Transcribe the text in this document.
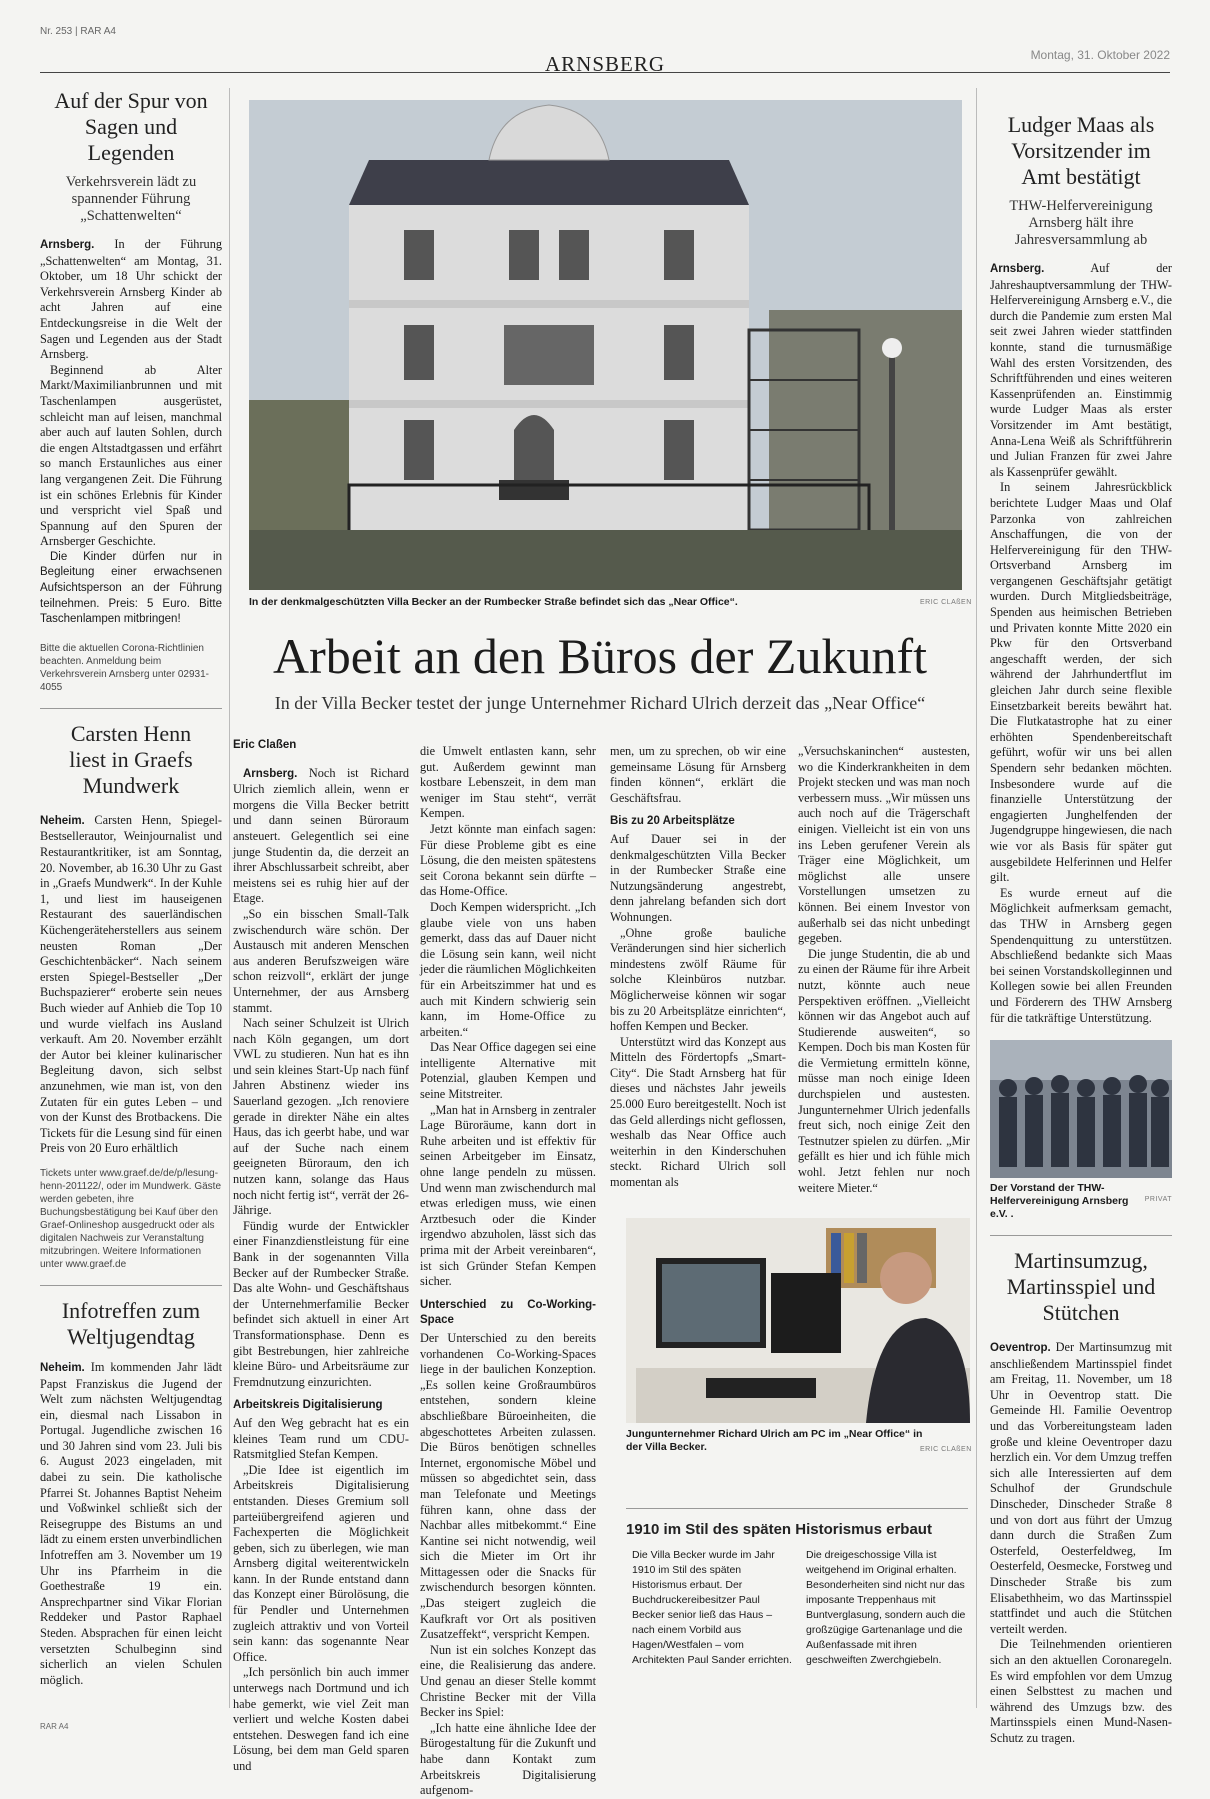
Nr. 253 | RAR A4
ARNSBERG	Montag, 31. Oktober 2022
Auf der Spur von Sagen und Legenden
Verkehrsverein lädt zu spannender Führung „Schattenwelten“

Arnsberg. In der Führung „Schattenwelten“ am Montag, 31. Oktober, um 18 Uhr schickt der Verkehrsverein Arnsberg Kinder ab acht Jahren auf eine Entdeckungsreise in die Welt der Sagen und Legenden aus der Stadt Arnsberg.

Beginnend ab Alter Markt/Maximilianbrunnen und mit Taschenlampen ausgerüstet, schleicht man auf leisen, manchmal aber auch auf lauten Sohlen, durch die engen Altstadtgassen und erfährt so manch Erstaunliches aus einer lang vergangenen Zeit. Die Führung ist ein schönes Erlebnis für Kinder und verspricht viel Spaß und Spannung auf den Spuren der Arnsberger Geschichte.

Die Kinder dürfen nur in Begleitung einer erwachsenen Aufsichtsperson an der Führung teilnehmen. Preis: 5 Euro. Bitte Taschenlampen mitbringen!

Bitte die aktuellen Corona-Richtlinien beachten. Anmeldung beim Verkehrsverein Arnsberg unter 02931-4055
Carsten Henn liest in Graefs Mundwerk

Neheim. Carsten Henn, Spiegel-Bestsellerautor, Weinjournalist und Restaurantkritiker, ist am Sonntag, 20. November, ab 16.30 Uhr zu Gast in „Graefs Mundwerk“. In der Kuhle 1, und liest im hauseigenen Restaurant des sauerländischen Küchengeräteherstellers aus seinem neusten Roman „Der Geschichtenbäcker“. Nach seinem ersten Spiegel-Bestseller „Der Buchspazierer“ eroberte sein neues Buch wieder auf Anhieb die Top 10 und wurde vielfach ins Ausland verkauft. Am 20. November erzählt der Autor bei kleiner kulinarischer Begleitung davon, sich selbst anzunehmen, wie man ist, von den Zutaten für ein gutes Leben – und von der Kunst des Brotbackens. Die Tickets für die Lesung sind für einen Preis von 20 Euro erhältlich

Tickets unter www.graef.de/de/p/lesung-henn-201122/, oder im Mundwerk. Gäste werden gebeten, ihre Buchungsbestätigung bei Kauf über den Graef-Onlineshop ausgedruckt oder als digitalen Nachweis zur Veranstaltung mitzubringen. Weitere Informationen unter www.graef.de
Infotreffen zum Weltjugendtag

Neheim. Im kommenden Jahr lädt Papst Franziskus die Jugend der Welt zum nächsten Weltjugendtag ein, diesmal nach Lissabon in Portugal. Jugendliche zwischen 16 und 30 Jahren sind vom 23. Juli bis 6. August 2023 eingeladen, mit dabei zu sein. Die katholische Pfarrei St. Johannes Baptist Neheim und Voßwinkel schließt sich der Reisegruppe des Bistums an und lädt zu einem ersten unverbindlichen Infotreffen am 3. November um 19 Uhr ins Pfarrheim in die Goethestraße 19 ein. Ansprechpartner sind Vikar Florian Reddeker und Pastor Raphael Steden. Absprachen für einen leicht versetzten Schulbeginn sind sicherlich an vielen Schulen möglich.

In der denkmalgeschützten Villa Becker an der Rumbecker Straße befindet sich das „Near Office“.	ERIC CLAßEN
Arbeit an den Büros der Zukunft
In der Villa Becker testet der junge Unternehmer Richard Ulrich derzeit das „Near Office“
Eric Claßen

Arnsberg. Noch ist Richard Ulrich ziemlich allein, wenn er morgens die Villa Becker betritt und dann seinen Büroraum ansteuert. Gelegentlich sei eine junge Studentin da, die derzeit an ihrer Abschlussarbeit schreibt, aber meistens sei es ruhig hier auf der Etage.

„So ein bisschen Small-Talk zwischendurch wäre schön. Der Austausch mit anderen Menschen aus anderen Berufszweigen wäre schon reizvoll“, erklärt der junge Unternehmer, der aus Arnsberg stammt.

Nach seiner Schulzeit ist Ulrich nach Köln gegangen, um dort VWL zu studieren. Nun hat es ihn und sein kleines Start-Up nach fünf Jahren Abstinenz wieder ins Sauerland gezogen. „Ich renoviere gerade in direkter Nähe ein altes Haus, das ich geerbt habe, und war auf der Suche nach einem geeigneten Büroraum, den ich nutzen kann, solange das Haus noch nicht fertig ist“, verrät der 26-Jährige.

Fündig wurde der Entwickler einer Finanzdienstleistung für eine Bank in der sogenannten Villa Becker auf der Rumbecker Straße. Das alte Wohn- und Geschäftshaus der Unternehmerfamilie Becker befindet sich aktuell in einer Art Transformationsphase. Denn es gibt Bestrebungen, hier zahlreiche kleine Büro- und Arbeitsräume zur Fremdnutzung einzurichten.

Arbeitskreis Digitalisierung

Auf den Weg gebracht hat es ein kleines Team rund um CDU-Ratsmitglied Stefan Kempen.

„Die Idee ist eigentlich im Arbeitskreis Digitalisierung entstanden. Dieses Gremium soll parteiübergreifend agieren und Fachexperten die Möglichkeit geben, sich zu überlegen, wie man Arnsberg digital weiterentwickeln kann. In der Runde entstand dann das Konzept einer Bürolösung, die für Pendler und Unternehmen zugleich attraktiv und von Vorteil sein kann: das sogenannte Near Office.

„Ich persönlich bin auch immer unterwegs nach Dortmund und ich habe gemerkt, wie viel Zeit man verliert und welche Kosten dabei entstehen. Deswegen fand ich eine Lösung, bei dem man Geld sparen und

die Umwelt entlasten kann, sehr gut. Außerdem gewinnt man kostbare Lebenszeit, in dem man weniger im Stau steht“, verrät Kempen.

Jetzt könnte man einfach sagen: Für diese Probleme gibt es eine Lösung, die den meisten spätestens seit Corona bekannt sein dürfte – das Home-Office.

Doch Kempen widerspricht. „Ich glaube viele von uns haben gemerkt, dass das auf Dauer nicht die Lösung sein kann, weil nicht jeder die räumlichen Möglichkeiten für ein Arbeitszimmer hat und es auch mit Kindern schwierig sein kann, im Home-Office zu arbeiten.“

Das Near Office dagegen sei eine intelligente Alternative mit Potenzial, glauben Kempen und seine Mitstreiter.

„Man hat in Arnsberg in zentraler Lage Büroräume, kann dort in Ruhe arbeiten und ist effektiv für seinen Arbeitgeber im Einsatz, ohne lange pendeln zu müssen. Und wenn man zwischendurch mal etwas erledigen muss, wie einen Arztbesuch oder die Kinder irgendwo abzuholen, lässt sich das prima mit der Arbeit vereinbaren“, ist sich Gründer Stefan Kempen sicher.

Unterschied zu Co-Working-Space

Der Unterschied zu den bereits vorhandenen Co-Working-Spaces liege in der baulichen Konzeption. „Es sollen keine Großraumbüros entstehen, sondern kleine abschließbare Büroeinheiten, die abgeschottetes Arbeiten zulassen. Die Büros benötigen schnelles Internet, ergonomische Möbel und müssen so abgedichtet sein, dass man Telefonate und Meetings führen kann, ohne dass der Nachbar alles mitbekommt.“ Eine Kantine sei nicht notwendig, weil sich die Mieter im Ort ihr Mittagessen oder die Snacks für zwischendurch besorgen könnten. „Das steigert zugleich die Kaufkraft vor Ort als positiven Zusatzeffekt“, verspricht Kempen.

Nun ist ein solches Konzept das eine, die Realisierung das andere. Und genau an dieser Stelle kommt Christine Becker mit der Villa Becker ins Spiel:

„Ich hatte eine ähnliche Idee der Bürogestaltung für die Zukunft und habe dann Kontakt zum Arbeitskreis Digitalisierung aufgenom-

men, um zu sprechen, ob wir eine gemeinsame Lösung für Arnsberg finden können“, erklärt die Geschäftsfrau.

Bis zu 20 Arbeitsplätze

Auf Dauer sei in der denkmalgeschützten Villa Becker in der Rumbecker Straße eine Nutzungsänderung angestrebt, denn jahrelang befanden sich dort Wohnungen.

„Ohne große bauliche Veränderungen sind hier sicherlich mindestens zwölf Räume für solche Kleinbüros nutzbar. Möglicherweise können wir sogar bis zu 20 Arbeitsplätze einrichten“, hoffen Kempen und Becker.

Unterstützt wird das Konzept aus Mitteln des Fördertopfs „Smart-City“. Die Stadt Arnsberg hat für dieses und nächstes Jahr jeweils 25.000 Euro bereitgestellt. Noch ist das Geld allerdings nicht geflossen, weshalb das Near Office auch weiterhin in den Kinderschuhen steckt. Richard Ulrich soll momentan als

„Versuchskaninchen“ austesten, wo die Kinderkrankheiten in dem Projekt stecken und was man noch verbessern muss. „Wir müssen uns auch noch auf die Trägerschaft einigen. Vielleicht ist ein von uns ins Leben gerufener Verein als Träger eine Möglichkeit, um möglichst alle unsere Vorstellungen umsetzen zu können. Bei einem Investor von außerhalb sei das nicht unbedingt gegeben.

Die junge Studentin, die ab und zu einen der Räume für ihre Arbeit nutzt, könnte auch neue Perspektiven eröffnen. „Vielleicht können wir das Angebot auch auf Studierende ausweiten“, so Kempen. Doch bis man Kosten für die Vermietung ermitteln könne, müsse man noch einige Ideen durchspielen und austesten. Jungunternehmer Ulrich jedenfalls freut sich, noch einige Zeit den Testnutzer spielen zu dürfen. „Mir gefällt es hier und ich fühle mich wohl. Jetzt fehlen nur noch weitere Mieter.“

Jungunternehmer Richard Ulrich am PC im „Near Office“ in der Villa Becker.	ERIC CLAßEN
1910 im Stil des späten Historismus erbaut
Die Villa Becker wurde im Jahr 1910 im Stil des späten Historismus erbaut. Der Buchdruckereibesitzer Paul Becker senior ließ das Haus – nach einem Vorbild aus Hagen/Westfalen – vom Architekten Paul Sander errichten.
Die dreigeschossige Villa ist weitgehend im Original erhalten. Besonderheiten sind nicht nur das imposante Treppenhaus mit Buntverglasung, sondern auch die großzügige Gartenanlage und die Außenfassade mit ihren geschweiften Zwerchgiebeln.
Ludger Maas als Vorsitzender im Amt bestätigt
THW-Helfervereinigung Arnsberg hält ihre Jahresversammlung ab

Arnsberg.	Auf der Jahreshauptversammlung der THW-Helfervereinigung Arnsberg e.V., die durch die Pandemie zum ersten Mal seit zwei Jahren wieder stattfinden konnte, stand die turnusmäßige Wahl des ersten Vorsitzenden, des Schriftführenden und eines weiteren Kassenprüfenden an. Einstimmig wurde Ludger Maas als erster Vorsitzender im Amt bestätigt, Anna-Lena Weiß als Schriftführerin und Julian Franzen für zwei Jahre als Kassenprüfer gewählt.

In seinem Jahresrückblick berichtete Ludger Maas und Olaf Parzonka von zahlreichen Anschaffungen, die von der Helfervereinigung für den THW-Ortsverband Arnsberg im vergangenen Geschäftsjahr getätigt wurden. Durch Mitgliedsbeiträge, Spenden aus heimischen Betrieben und Privaten konnte Mitte 2020 ein Pkw für den Ortsverband angeschafft werden, der sich während der Jahrhundertflut im gleichen Jahr durch seine flexible Einsetzbarkeit bereits bewährt hat. Die Flutkatastrophe hat zu einer erhöhten Spendenbereitschaft geführt, wofür wir uns bei allen Spendern sehr bedanken möchten. Insbesondere wurde auf die finanzielle Unterstützung der engagierten Junghelfenden der Jugendgruppe hingewiesen, die nach wie vor als Basis für später gut ausgebildete Helferinnen und Helfer gilt.

Es wurde erneut auf die Möglichkeit aufmerksam gemacht, das THW in Arnsberg gegen Spendenquittung zu unterstützen. Abschließend bedankte sich Maas bei seinen Vorstandskolleginnen und Kollegen sowie bei allen Freunden und Förderern des THW Arnsberg für die tatkräftige Unterstützung.

Der Vorstand der THW-Helfervereinigung Arnsberg e.V. .
PRIVAT
Martinsumzug, Martinsspiel und Stütchen

Oeventrop. Der Martinsumzug mit anschließendem Martinsspiel findet am Freitag, 11. November, um 18 Uhr in Oeventrop statt. Die Gemeinde Hl. Familie Oeventrop und das Vorbereitungsteam laden große und kleine Oeventroper dazu herzlich ein. Vor dem Umzug treffen sich alle Interessierten auf dem Schulhof der Grundschule Dinscheder, Dinscheder Straße 8 und von dort aus führt der Umzug dann durch die Straßen Zum Osterfeld, Oesterfeldweg, Im Oesterfeld, Oesmecke, Forstweg und Dinscheder Straße bis zum Elisabethheim, wo das Martinsspiel stattfindet und auch die Stütchen verteilt werden.

Die Teilnehmenden orientieren sich an den aktuellen Coronaregeln. Es wird empfohlen vor dem Umzug einen Selbsttest zu machen und während des Umzugs bzw. des Martinsspiels einen Mund-Nasen-Schutz zu tragen.

RAR A4
